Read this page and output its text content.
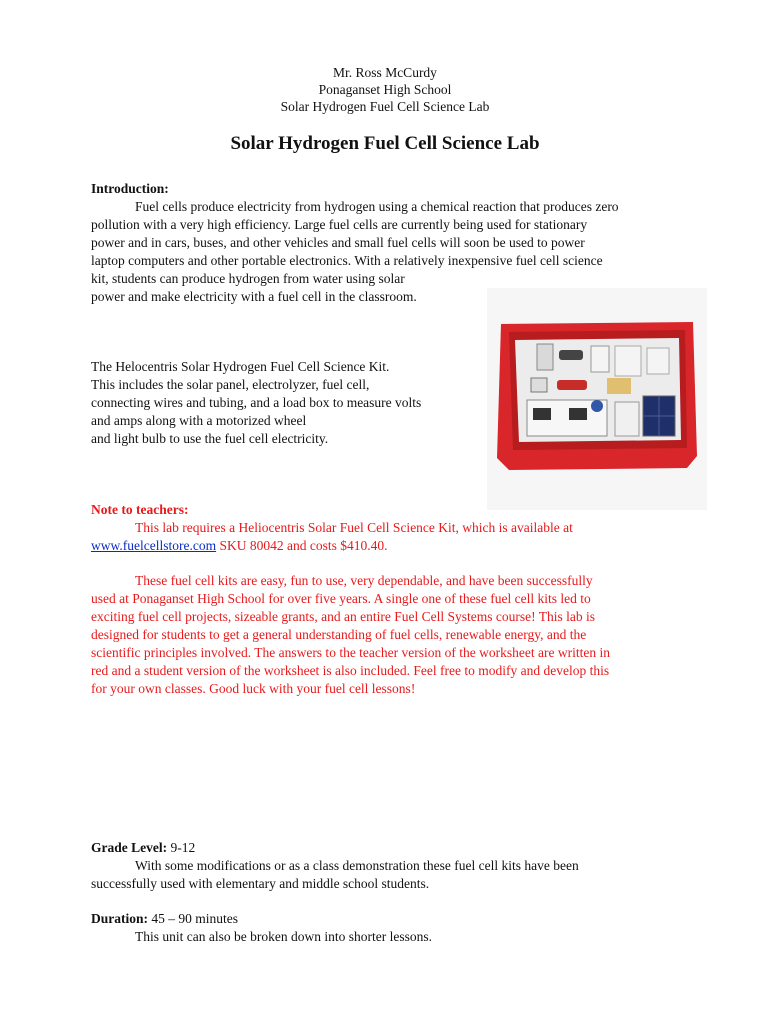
Mr. Ross McCurdy
Ponaganset High School
Solar Hydrogen Fuel Cell Science Lab
Solar Hydrogen Fuel Cell Science Lab
Introduction:
Fuel cells produce electricity from hydrogen using a chemical reaction that produces zero
pollution with a very high efficiency. Large fuel cells are currently being used for stationary
power and in cars, buses, and other vehicles and small fuel cells will soon be used to power
laptop computers and other portable electronics. With a relatively inexpensive fuel cell science
kit, students can produce hydrogen from water using solar
power and make electricity with a fuel cell in the classroom.
The Helocentris Solar Hydrogen Fuel Cell Science Kit.
This includes the solar panel, electrolyzer, fuel cell,
connecting wires and tubing, and a load box to measure volts
and amps along with a motorized wheel
and light bulb to use the fuel cell electricity.
Note to teachers:
This lab requires a Heliocentris Solar Fuel Cell Science Kit, which is available at
www.fuelcellstore.com SKU 80042 and costs $410.40.
These fuel cell kits are easy, fun to use, very dependable, and have been successfully
used at Ponaganset High School for over five years. A single one of these fuel cell kits led to
exciting fuel cell projects, sizeable grants, and an entire Fuel Cell Systems course! This lab is
designed for students to get a general understanding of fuel cells, renewable energy, and the
scientific principles involved. The answers to the teacher version of the worksheet are written in
red and a student version of the worksheet is also included. Feel free to modify and develop this
for your own classes. Good luck with your fuel cell lessons!
Grade Level: 9-12
With some modifications or as a class demonstration these fuel cell kits have been
successfully used with elementary and middle school students.
Duration: 45 – 90 minutes
This unit can also be broken down into shorter lessons.
